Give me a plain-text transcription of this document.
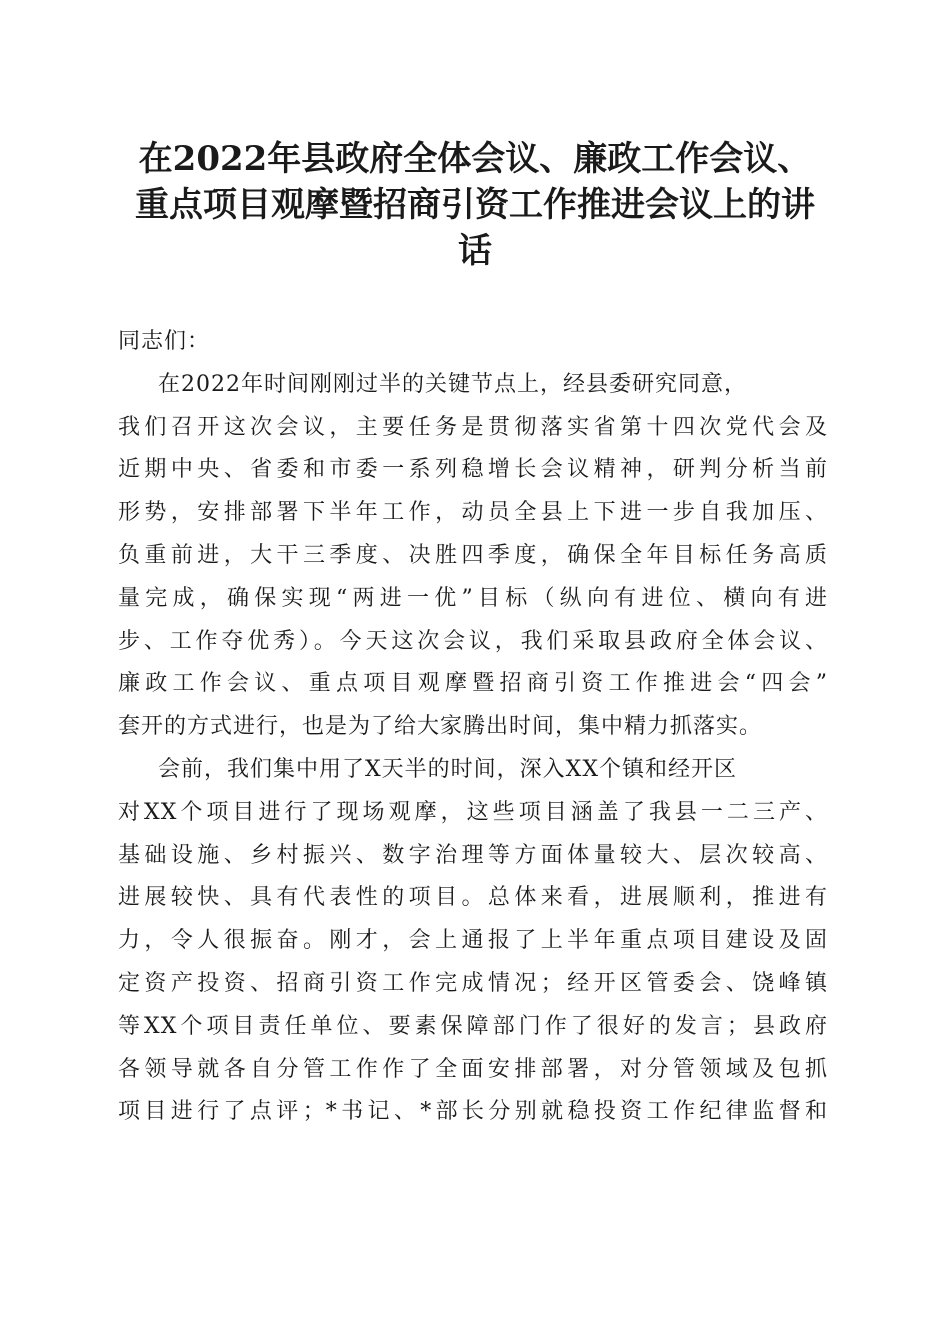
在2022年县政府全体会议、廉政工作会议、
重点项目观摩暨招商引资工作推进会议上的讲
话
同志们：
在2022年时间刚刚过半的关键节点上，经县委研究同意，
我们召开这次会议，主要任务是贯彻落实省第十四次党代会及
近期中央、省委和市委一系列稳增长会议精神，研判分析当前
形势，安排部署下半年工作，动员全县上下进一步自我加压、
负重前进，大干三季度、决胜四季度，确保全年目标任务高质
量完成，确保实现“两进一优”目标（纵向有进位、横向有进
步、工作夺优秀）。今天这次会议，我们采取县政府全体会议、
廉政工作会议、重点项目观摩暨招商引资工作推进会“四会”
套开的方式进行，也是为了给大家腾出时间，集中精力抓落实。
会前，我们集中用了X天半的时间，深入XX个镇和经开区
对XX个项目进行了现场观摩，这些项目涵盖了我县一二三产、
基础设施、乡村振兴、数字治理等方面体量较大、层次较高、
进展较快、具有代表性的项目。总体来看，进展顺利，推进有
力，令人很振奋。刚才，会上通报了上半年重点项目建设及固
定资产投资、招商引资工作完成情况；经开区管委会、饶峰镇
等XX个项目责任单位、要素保障部门作了很好的发言；县政府
各领导就各自分管工作作了全面安排部署，对分管领域及包抓
项目进行了点评；*书记、*部长分别就稳投资工作纪律监督和
